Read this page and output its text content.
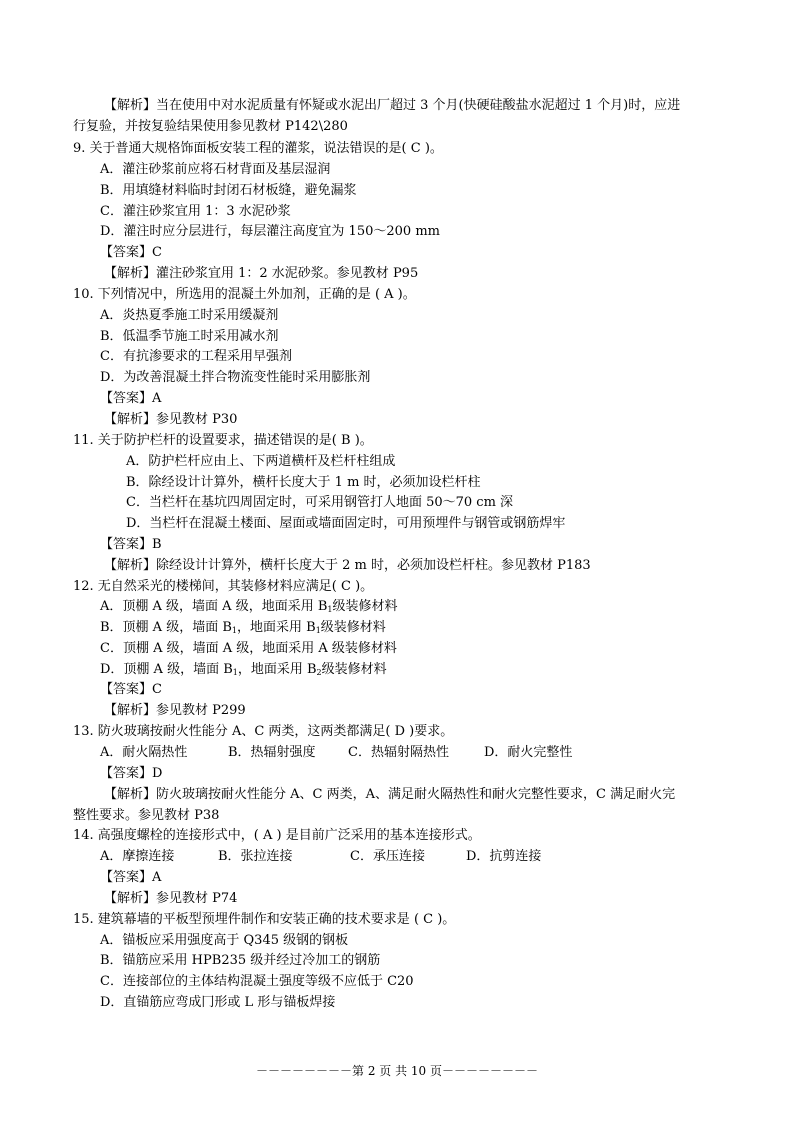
【解析】当在使用中对水泥质量有怀疑或水泥出厂超过 3 个月(快硬硅酸盐水泥超过 1 个月)时，应进
行复验，并按复验结果使用参见教材 P142\280
9. 关于普通大规格饰面板安装工程的灌浆，说法错误的是( C )。
A．灌注砂浆前应将石材背面及基层湿润
B．用填缝材料临时封闭石材板缝，避免漏浆
C．灌注砂浆宜用 1：3 水泥砂浆
D．灌注时应分层进行，每层灌注高度宜为 150～200 mm
【答案】C
【解析】灌注砂浆宜用 1：2 水泥砂浆。参见教材 P95
10. 下列情况中，所选用的混凝土外加剂，正确的是 ( A )。
A．炎热夏季施工时采用缓凝剂
B．低温季节施工时采用减水剂
C．有抗渗要求的工程采用早强剂
D．为改善混凝土拌合物流变性能时采用膨胀剂
【答案】A
【解析】参见教材 P30
11. 关于防护栏杆的设置要求，描述错误的是( B )。
A．防护栏杆应由上、下两道横杆及栏杆柱组成
B．除经设计计算外，横杆长度大于 1 m 时，必须加设栏杆柱
C．当栏杆在基坑四周固定时，可采用钢管打人地面 50～70 cm 深
D．当栏杆在混凝土楼面、屋面或墙面固定时，可用预埋件与钢管或钢筋焊牢
【答案】B
【解析】除经设计计算外，横杆长度大于 2 m 时，必须加设栏杆柱。参见教材 P183
12. 无自然采光的楼梯间，其装修材料应满足( C )。
A．顶棚 A 级，墙面 A 级，地面采用 $B_1$级装修材料
B．顶棚 A 级，墙面 $B_1$，地面采用 $B_1$级装修材料
C．顶棚 A 级，墙面 A 级，地面采用 A 级装修材料
D．顶棚 A 级，墙面 $B_1$，地面采用 $B_2$级装修材料
【答案】C
【解析】参见教材 P299
13. 防火玻璃按耐火性能分 A、C 两类，这两类都满足( D )要求。
A．耐火隔热性	B．热辐射强度 C．热辐射隔热性	D．耐火完整性
【答案】D
【解析】防火玻璃按耐火性能分 A、C 两类，A、满足耐火隔热性和耐火完整性要求，C 满足耐火完
整性要求。参见教材 P38
14. 高强度螺栓的连接形式中，( A ) 是目前广泛采用的基本连接形式。
A．摩擦连接	B．张拉连接	C．承压连接	D．抗剪连接
【答案】A
【解析】参见教材 P74
15. 建筑幕墙的平板型预埋件制作和安装正确的技术要求是 ( C )。
A．锚板应采用强度高于 Q345 级钢的钢板
B．锚筋应采用 HPB235 级并经过冷加工的钢筋
C．连接部位的主体结构混凝土强度等级不应低于 C20
D．直锚筋应弯成冂形或 L 形与锚板焊接
－－－－－－－－第 2 页 共 10 页－－－－－－－－
